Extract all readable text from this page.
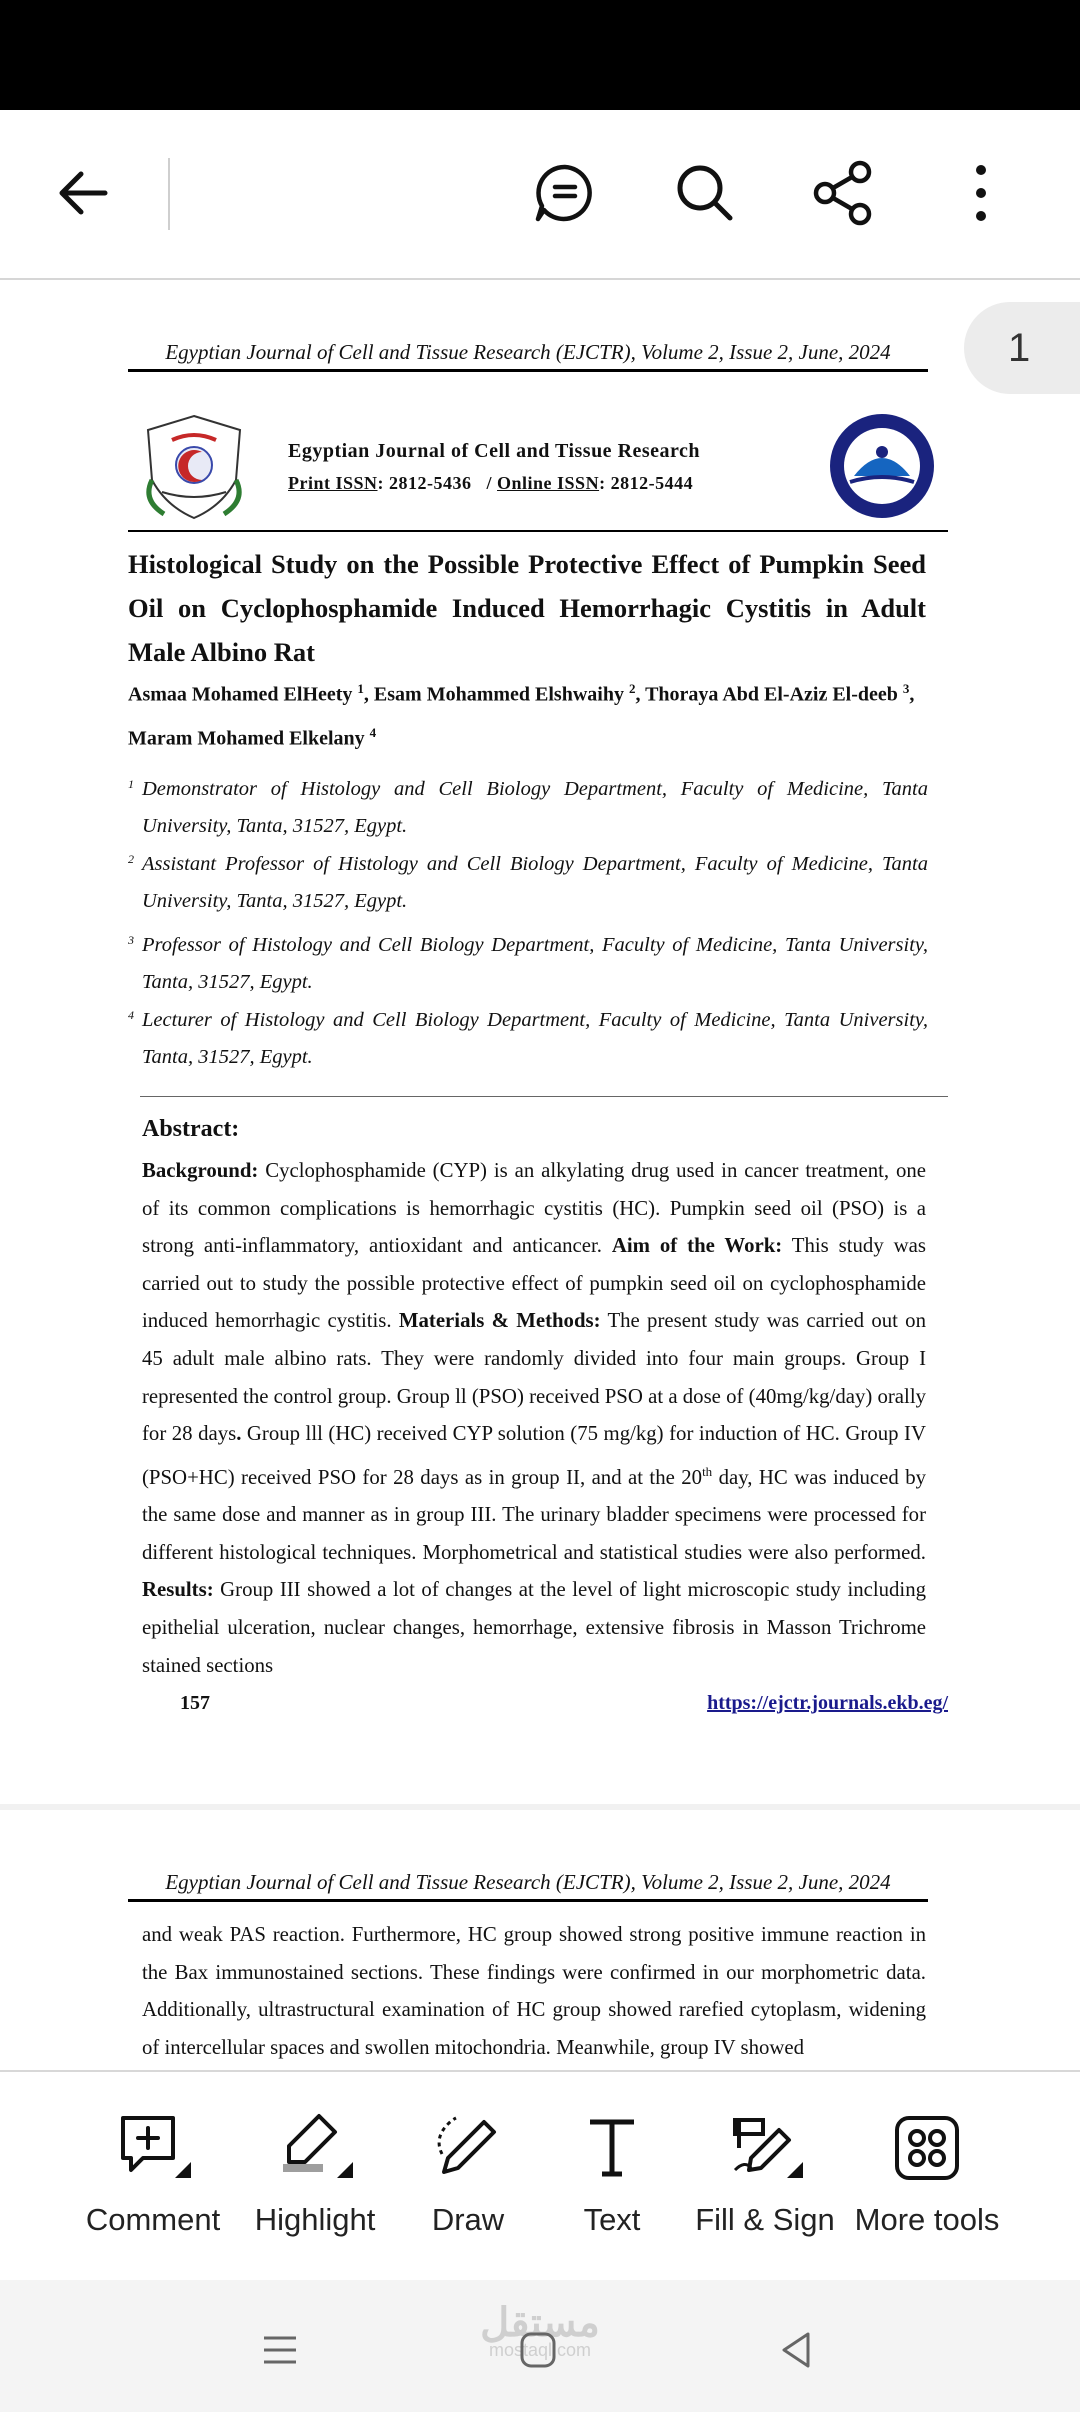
Egyptian Journal of Cell and Tissue Research (EJCTR), Volume 2, Issue 2, June, 2024
Egyptian Journal of Cell and Tissue Research
Print ISSN: 2812-5436 / Online ISSN: 2812-5444
Histological Study on the Possible Protective Effect of Pumpkin Seed Oil on Cyclophosphamide Induced Hemorrhagic Cystitis in Adult Male Albino Rat
Asmaa Mohamed ElHeety $^1$, Esam Mohammed Elshwaihy $^2$, Thoraya Abd El-Aziz El-deeb $^3$, Maram Mohamed Elkelany $^4$
$^1$ Demonstrator of Histology and Cell Biology Department, Faculty of Medicine, Tanta University, Tanta, 31527, Egypt.
$^2$ Assistant Professor of Histology and Cell Biology Department, Faculty of Medicine, Tanta University, Tanta, 31527, Egypt.
$^3$ Professor of Histology and Cell Biology Department, Faculty of Medicine, Tanta University, Tanta, 31527, Egypt.
$^4$ Lecturer of Histology and Cell Biology Department, Faculty of Medicine, Tanta University, Tanta, 31527, Egypt.
Abstract:
Background: Cyclophosphamide (CYP) is an alkylating drug used in cancer treatment, one of its common complications is hemorrhagic cystitis (HC). Pumpkin seed oil (PSO) is a strong anti-inflammatory, antioxidant and anticancer. Aim of the Work: This study was carried out to study the possible protective effect of pumpkin seed oil on cyclophosphamide induced hemorrhagic cystitis. Materials & Methods: The present study was carried out on 45 adult male albino rats. They were randomly divided into four main groups. Group I represented the control group. Group ll (PSO) received PSO at a dose of (40mg/kg/day) orally for 28 days. Group lll (HC) received CYP solution (75 mg/kg) for induction of HC. Group IV (PSO+HC) received PSO for 28 days as in group II, and at the 20th day, HC was induced by the same dose and manner as in group III. The urinary bladder specimens were processed for different histological techniques. Morphometrical and statistical studies were also performed. Results: Group III showed a lot of changes at the level of light microscopic study including epithelial ulceration, nuclear changes, hemorrhage, extensive fibrosis in Masson Trichrome stained sections
157	https://ejctr.journals.ekb.eg/
1
Egyptian Journal of Cell and Tissue Research (EJCTR), Volume 2, Issue 2, June, 2024
and weak PAS reaction. Furthermore, HC group showed strong positive immune reaction in the Bax immunostained sections. These findings were confirmed in our morphometric data. Additionally, ultrastructural examination of HC group showed rarefied cytoplasm, widening of intercellular spaces and swollen mitochondria. Meanwhile, group IV showed
Comment	Highlight	Draw	Text	Fill & Sign More tools
مستقل
mostaql.com
